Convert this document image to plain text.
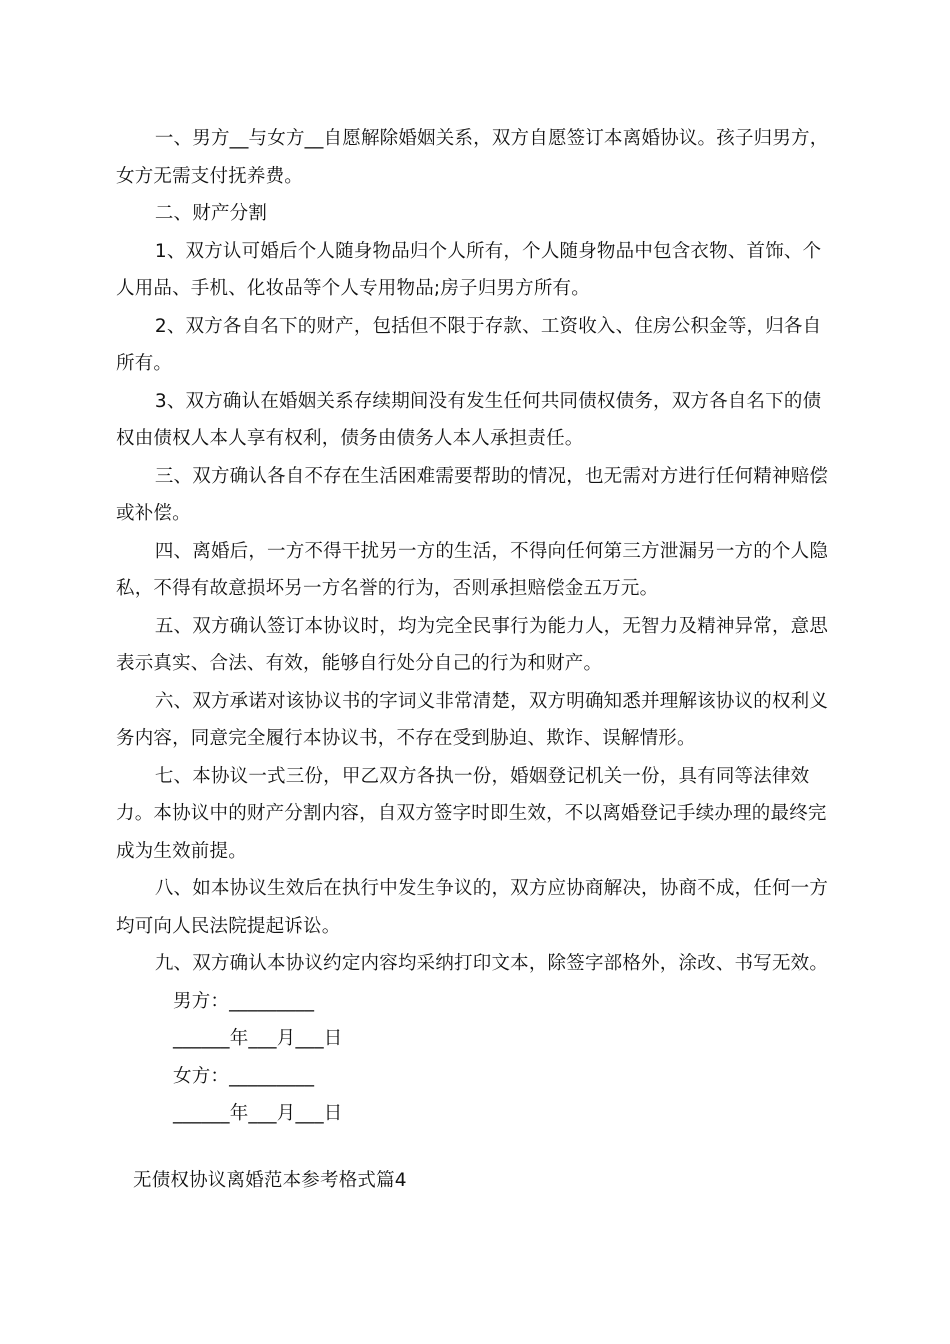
一、男方__与女方__自愿解除婚姻关系，双方自愿签订本离婚协议。孩子归男方，女方无需支付抚养费。

二、财产分割

1、双方认可婚后个人随身物品归个人所有，个人随身物品中包含衣物、首饰、个人用品、手机、化妆品等个人专用物品;房子归男方所有。

2、双方各自名下的财产，包括但不限于存款、工资收入、住房公积金等，归各自所有。

3、双方确认在婚姻关系存续期间没有发生任何共同债权债务，双方各自名下的债权由债权人本人享有权利，债务由债务人本人承担责任。

三、双方确认各自不存在生活困难需要帮助的情况，也无需对方进行任何精神赔偿或补偿。

四、离婚后，一方不得干扰另一方的生活，不得向任何第三方泄漏另一方的个人隐私，不得有故意损坏另一方名誉的行为，否则承担赔偿金五万元。

五、双方确认签订本协议时，均为完全民事行为能力人，无智力及精神异常，意思表示真实、合法、有效，能够自行处分自己的行为和财产。

六、双方承诺对该协议书的字词义非常清楚，双方明确知悉并理解该协议的权利义务内容，同意完全履行本协议书，不存在受到胁迫、欺诈、误解情形。

七、本协议一式三份，甲乙双方各执一份，婚姻登记机关一份，具有同等法律效力。本协议中的财产分割内容，自双方签字时即生效，不以离婚登记手续办理的最终完成为生效前提。

八、如本协议生效后在执行中发生争议的，双方应协商解决，协商不成，任何一方均可向人民法院提起诉讼。

九、双方确认本协议约定内容均采纳打印文本，除签字部格外，涂改、书写无效。

男方：_________

______年___月___日

女方：_________

______年___月___日

无债权协议离婚范本参考格式篇4
